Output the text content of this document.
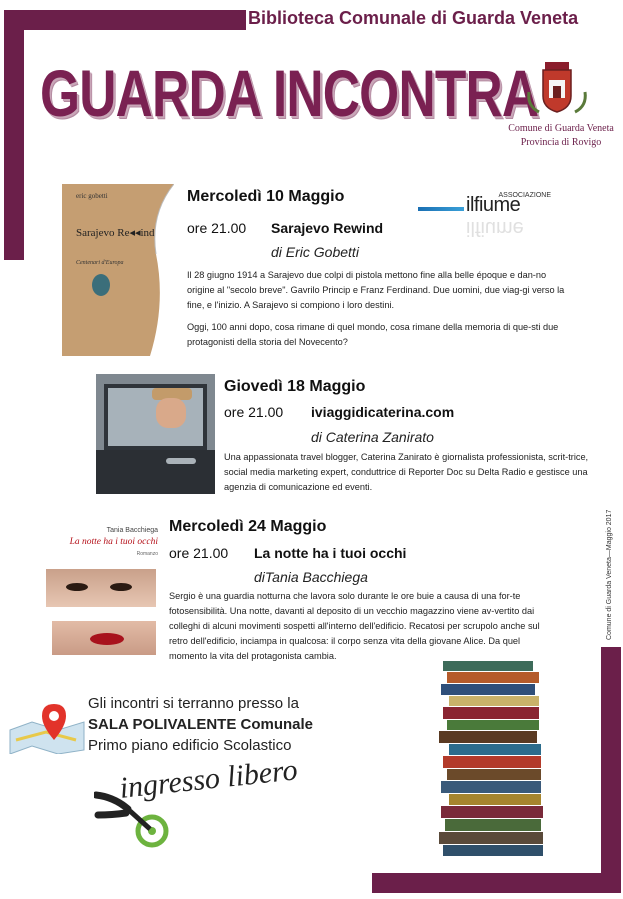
Biblioteca Comunale di Guarda Veneta
GUARDA INCONTRA
Comune di Guarda Veneta
Provincia di Rovigo
eric gobetti
Sarajevo Re◂◂ind
Centenari d'Europa
Mercoledì 10 Maggio
ore 21.00 Sarajevo Rewind
di Eric Gobetti
ASSOCIAZIONE
ilfiume
ilfiume

Il 28 giugno 1914 a Sarajevo due colpi di pistola mettono fine alla belle époque e dan-no origine al "secolo breve". Gavrilo Princip e Franz Ferdinand. Due uomini, due viag-gi verso la fine, e l'inizio. A Sarajevo si compiono i loro destini.

Oggi, 100 anni dopo, cosa rimane di quel mondo, cosa rimane della memoria di que-sti due protagonisti della storia del Novecento?

Giovedì 18 Maggio
ore 21.00 iviaggidicaterina.com
di Caterina Zanirato

Una appassionata travel blogger, Caterina Zanirato è giornalista professionista, scrit-trice, social media marketing expert, conduttrice di Reporter Doc su Delta Radio e gestisce una agenzia di comunicazione ed eventi.

Tania Bacchiega
La notte ha i tuoi occhi
Romanzo
Mercoledì 24 Maggio
ore 21.00 La notte ha i tuoi occhi
diTania Bacchiega

Sergio è una guardia notturna che lavora solo durante le ore buie a causa di una for-te fotosensibilità. Una notte, davanti al deposito di un vecchio magazzino viene av-vertito dai colleghi di alcuni movimenti sospetti all'interno dell'edificio. Recatosi per scrupolo anche sul retro dell'edificio, inciampa in qualcosa: il corpo senza vita della giovane Alice. Da quel momento la vita del protagonista cambia.

Comune di Guarda Veneta—Maggio 2017
Gli incontri si terranno presso la
SALA POLIVALENTE Comunale
Primo piano edificio Scolastico
ingresso libero
